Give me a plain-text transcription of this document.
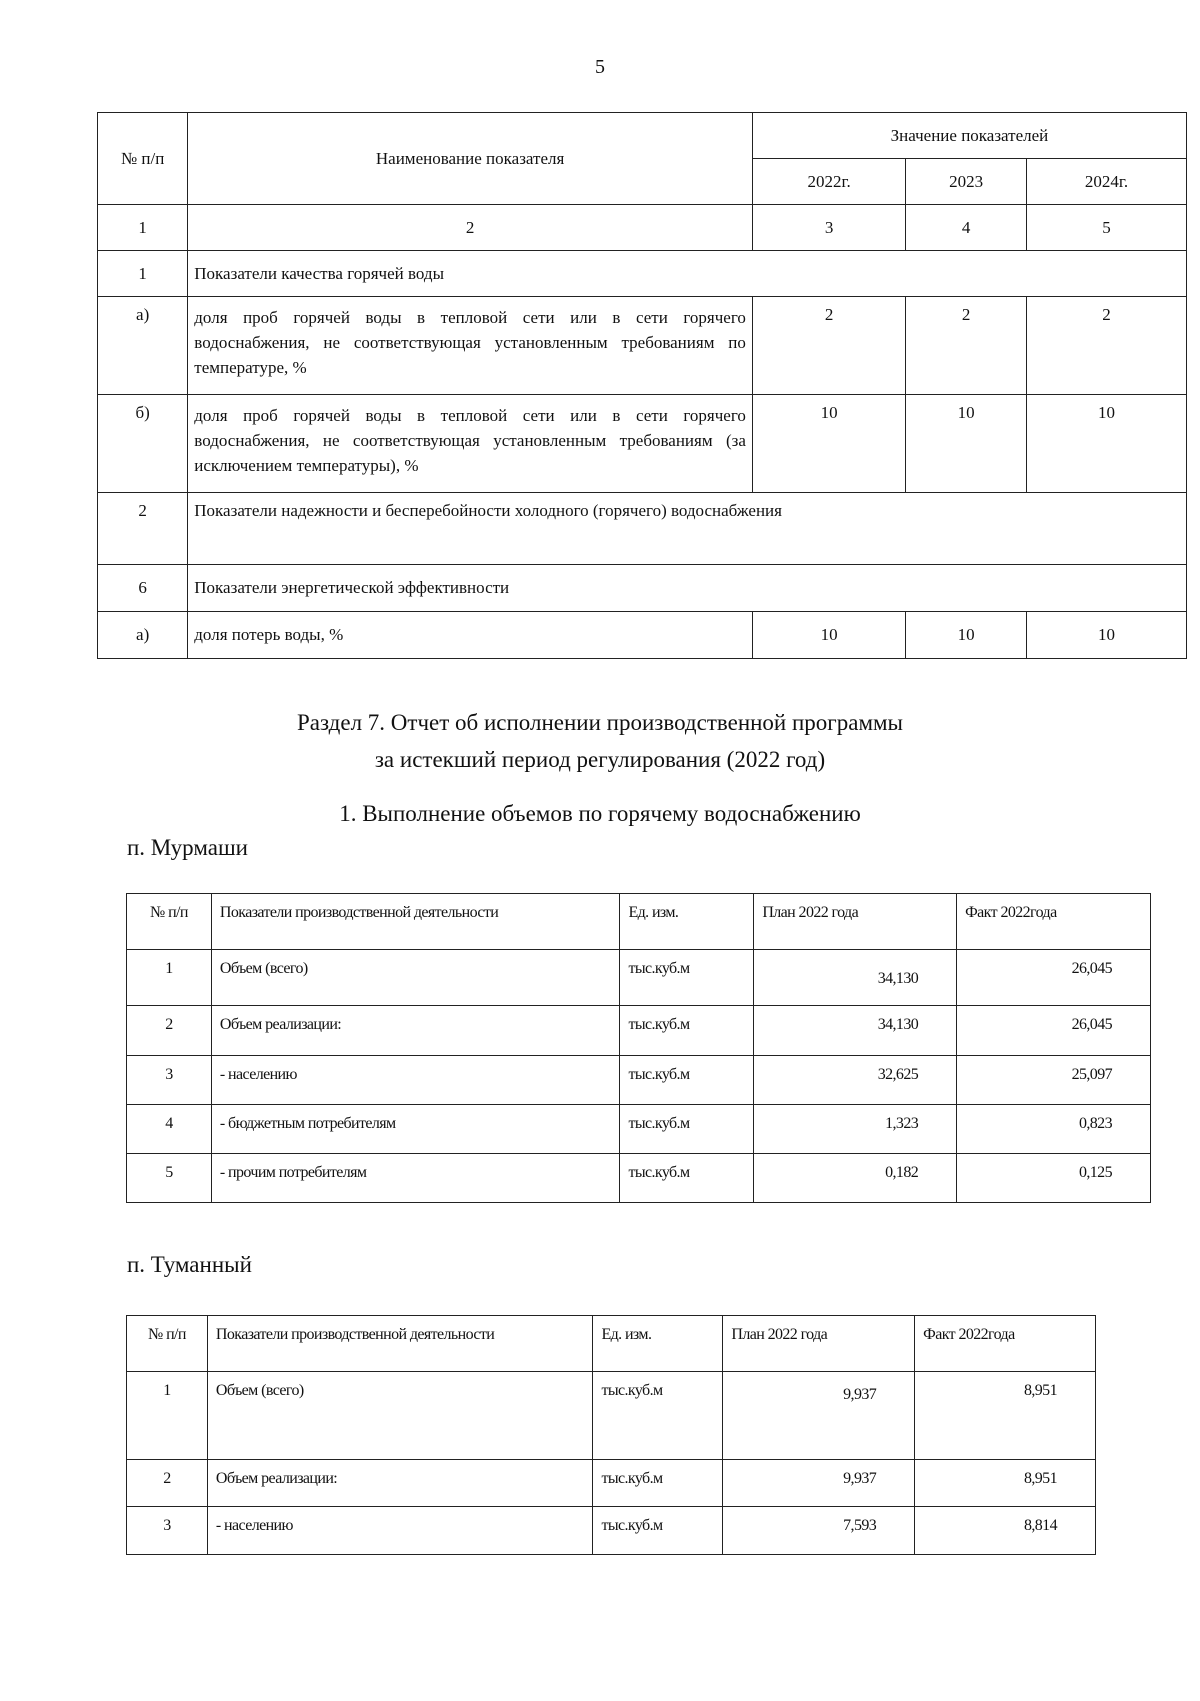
5
№ п/п	Наименование показателя	Значение показателей		
		2022г.	2023	2024г.
1	2	3	4	5
1	Показатели качества горячей воды			
а)	доля проб горячей воды в тепловой сети или в сети горячего водоснабжения, не соответствующая установленным требованиям по температуре, %	2	2	2
б)	доля проб горячей воды в тепловой сети или в сети горячего водоснабжения, не соответствующая установленным требованиям (за исключением температуры), %	10	10	10
2	Показатели надежности и бесперебойности холодного (горячего) водоснабжения			
6	Показатели энергетической эффективности			
а)	доля потерь воды, %	10	10	10
Раздел 7. Отчет об исполнении производственной программы
за истекший период регулирования (2022 год)
1. Выполнение объемов по горячему водоснабжению
п. Мурмаши
№ п/п	Показатели производственной деятельности	Ед. изм.	План 2022 года	Факт 2022года
1	Объем (всего)	тыс.куб.м	34,130	26,045
2	Объем реализации:	тыс.куб.м	34,130	26,045
3	- населению	тыс.куб.м	32,625	25,097
4	- бюджетным потребителям	тыс.куб.м	1,323	0,823
5	- прочим потребителям	тыс.куб.м	0,182	0,125
п. Туманный
№ п/п	Показатели производственной деятельности	Ед. изм.	План 2022 года	Факт 2022года
1	Объем (всего)	тыс.куб.м	9,937	8,951
2	Объем реализации:	тыс.куб.м	9,937	8,951
3	- населению	тыс.куб.м	7,593	8,814
